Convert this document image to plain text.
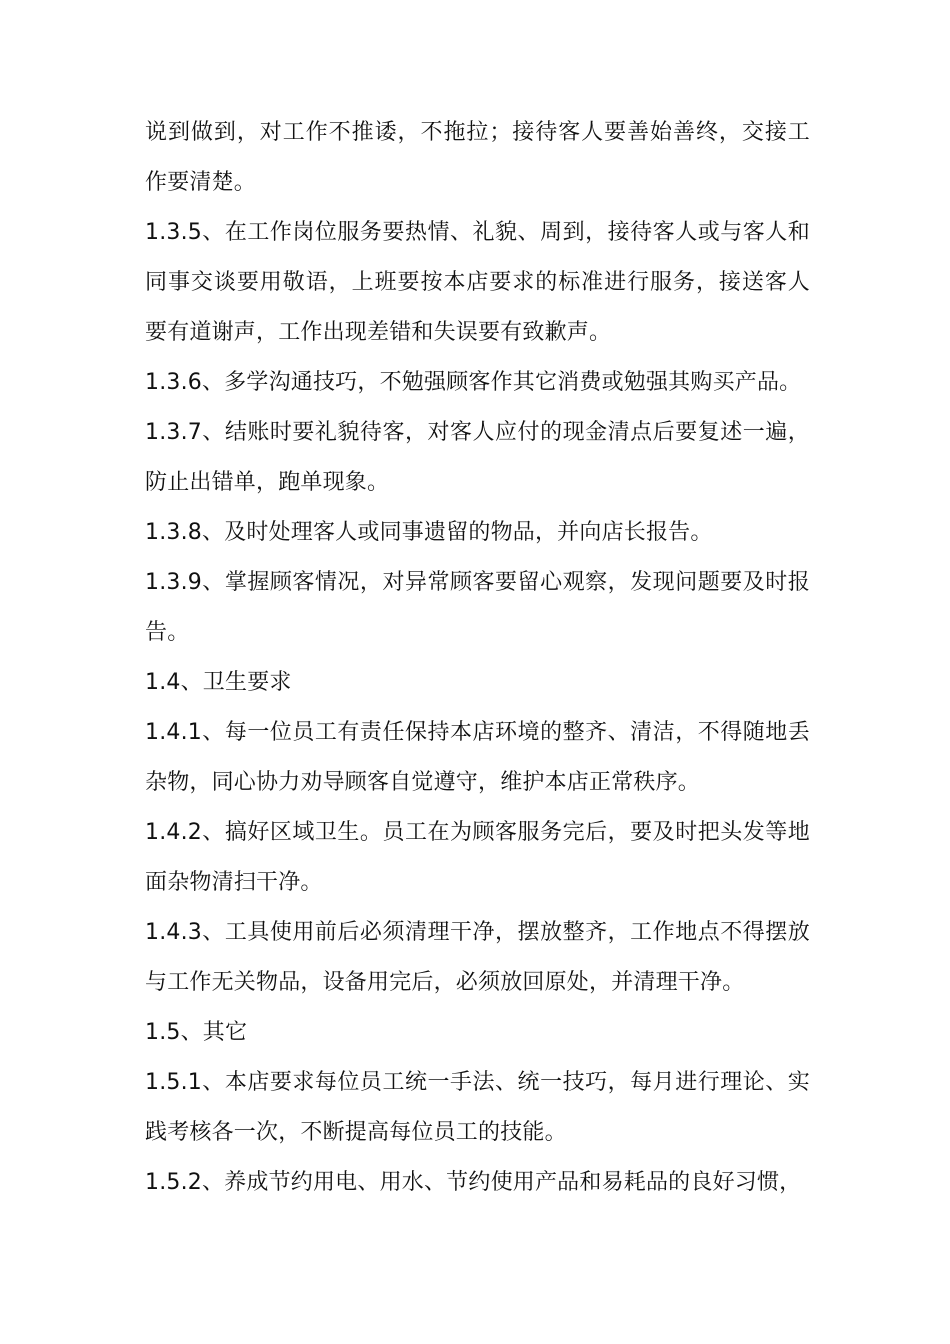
说到做到，对工作不推诿，不拖拉；接待客人要善始善终，交接工作要清楚。

1.3.5、在工作岗位服务要热情、礼貌、周到，接待客人或与客人和同事交谈要用敬语，上班要按本店要求的标准进行服务，接送客人要有道谢声，工作出现差错和失误要有致歉声。

1.3.6、多学沟通技巧，不勉强顾客作其它消费或勉强其购买产品。

1.3.7、结账时要礼貌待客，对客人应付的现金清点后要复述一遍，防止出错单，跑单现象。

1.3.8、及时处理客人或同事遗留的物品，并向店长报告。

1.3.9、掌握顾客情况，对异常顾客要留心观察，发现问题要及时报告。

1.4、卫生要求

1.4.1、每一位员工有责任保持本店环境的整齐、清洁，不得随地丢杂物，同心协力劝导顾客自觉遵守，维护本店正常秩序。

1.4.2、搞好区域卫生。员工在为顾客服务完后，要及时把头发等地面杂物清扫干净。

1.4.3、工具使用前后必须清理干净，摆放整齐，工作地点不得摆放与工作无关物品，设备用完后，必须放回原处，并清理干净。

1.5、其它

1.5.1、本店要求每位员工统一手法、统一技巧，每月进行理论、实践考核各一次，不断提高每位员工的技能。

1.5.2、养成节约用电、用水、节约使用产品和易耗品的良好习惯，
